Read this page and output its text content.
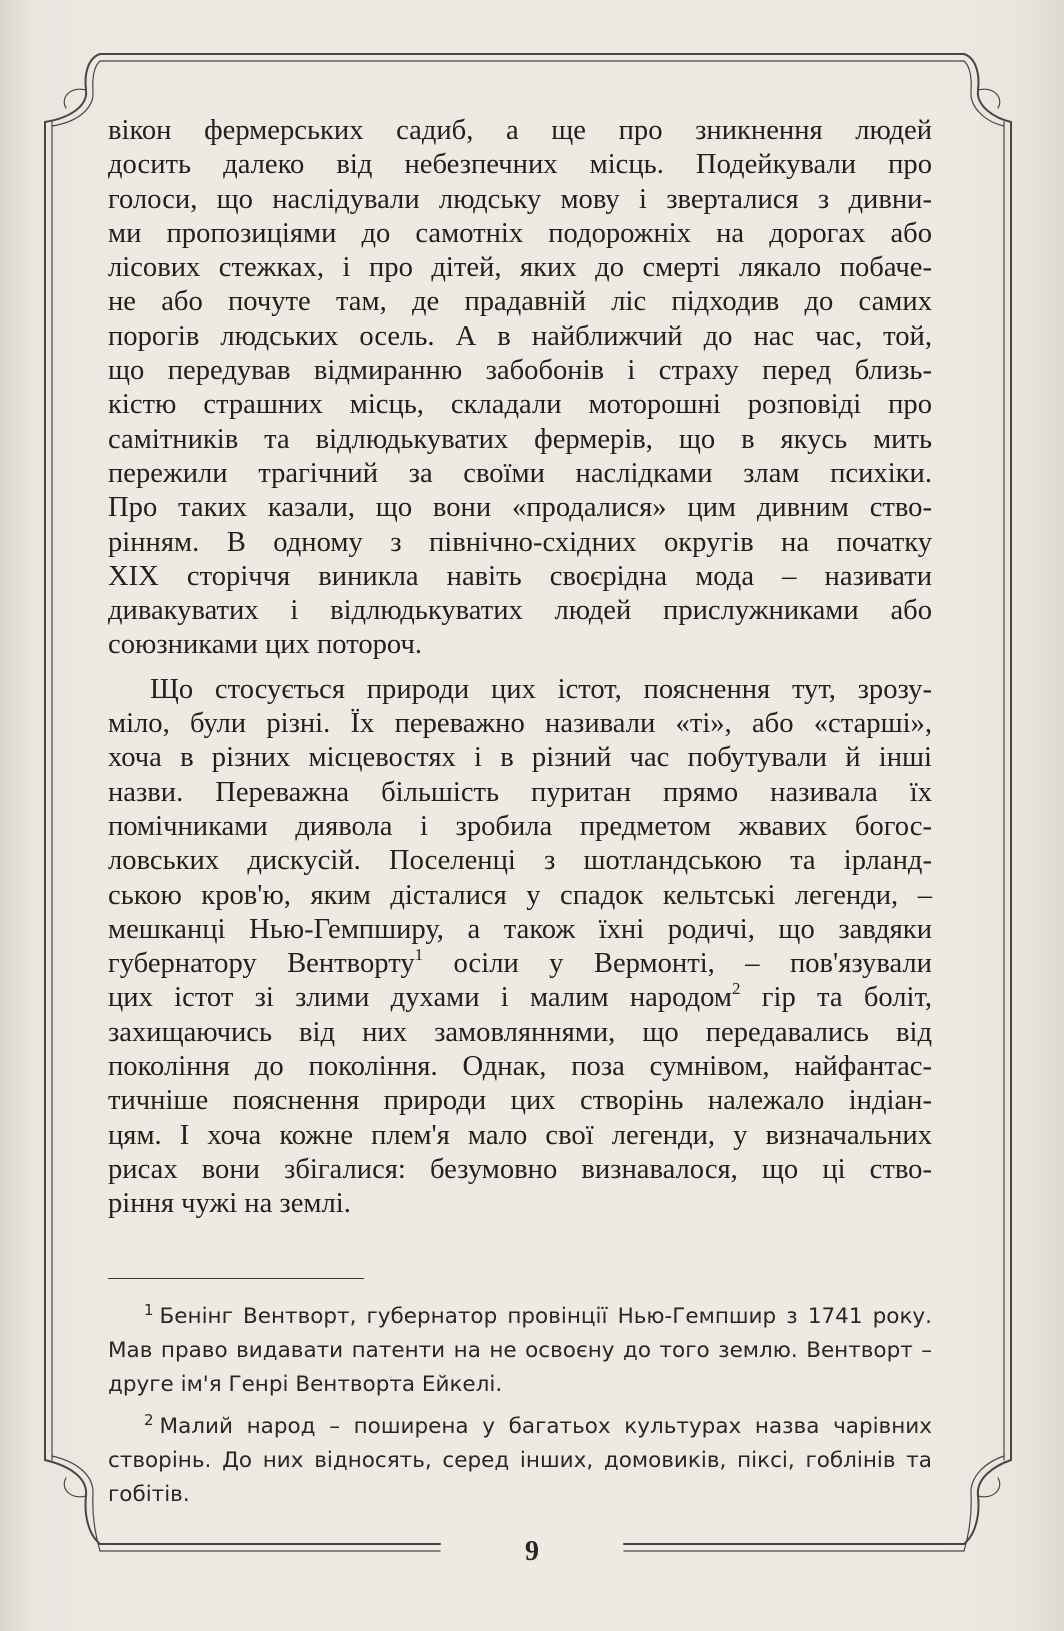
вікон фермерських садиб, а ще про зникнення людей
досить далеко від небезпечних місць. Подейкували про
голоси, що наслідували людську мову і зверталися з дивни-
ми пропозиціями до самотніх подорожніх на дорогах або
лісових стежках, і про дітей, яких до смерті лякало побаче-
не або почуте там, де прадавній ліс підходив до самих
порогів людських осель. А в найближчий до нас час, той,
що передував відмиранню забобонів і страху перед близь-
кістю страшних місць, складали моторошні розповіді про
самітників та відлюдькуватих фермерів, що в якусь мить
пережили трагічний за своїми наслідками злам психіки.
Про таких казали, що вони «продалися» цим дивним ство-
рінням. В одному з північно-східних округів на початку
XIX сторіччя виникла навіть своєрідна мода – називати
дивакуватих і відлюдькуватих людей прислужниками або
союзниками цих потороч.
Що стосується природи цих істот, пояснення тут, зрозу-
міло, були різні. Їх переважно називали «ті», або «старші»,
хоча в різних місцевостях і в різний час побутували й інші
назви. Переважна більшість пуритан прямо називала їх
помічниками диявола і зробила предметом жвавих богос-
ловських дискусій. Поселенці з шотландською та ірланд-
ською кров'ю, яким дісталися у спадок кельтські легенди, –
мешканці Нью-Гемпширу, а також їхні родичі, що завдяки
губернатору Вентворту$^1$ осіли у Вермонті, – пов'язували
цих істот зі злими духами і малим народом$^2$ гір та боліт,
захищаючись від них замовляннями, що передавались від
покоління до покоління. Однак, поза сумнівом, найфантас-
тичніше пояснення природи цих створінь належало індіан-
цям. І хоча кожне плем'я мало свої легенди, у визначальних
рисах вони збігалися: безумовно визнавалося, що ці ство-
ріння чужі на землі.
$^1$ Бенінг Вентворт, губернатор провінції Нью-Гемпшир з 1741 року.
Мав право видавати патенти на не освоєну до того землю. Вентворт –
друге ім'я Генрі Вентворта Ейкелі.
$^2$ Малий народ – поширена у багатьох культурах назва чарівних
створінь. До них відносять, серед інших, домовиків, піксі, гоблінів та
гобітів.
9
